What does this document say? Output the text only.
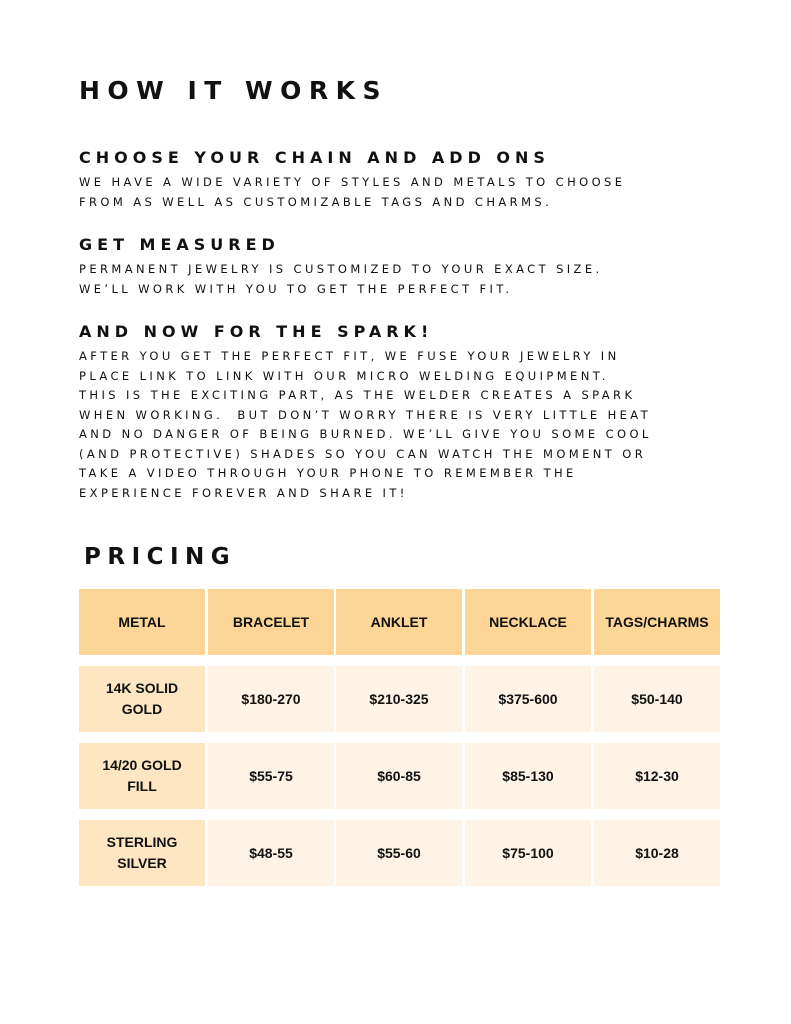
HOW IT WORKS
CHOOSE YOUR CHAIN AND ADD ONS

WE HAVE A WIDE VARIETY OF STYLES AND METALS TO CHOOSE
FROM AS WELL AS CUSTOMIZABLE TAGS AND CHARMS.

GET MEASURED

PERMANENT JEWELRY IS CUSTOMIZED TO YOUR EXACT SIZE.
WE’LL WORK WITH YOU TO GET THE PERFECT FIT.

AND NOW FOR THE SPARK!

AFTER YOU GET THE PERFECT FIT, WE FUSE YOUR JEWELRY IN
PLACE LINK TO LINK WITH OUR MICRO WELDING EQUIPMENT.
THIS IS THE EXCITING PART, AS THE WELDER CREATES A SPARK
WHEN WORKING.  BUT DON’T WORRY THERE IS VERY LITTLE HEAT
AND NO DANGER OF BEING BURNED. WE’LL GIVE YOU SOME COOL
(AND PROTECTIVE) SHADES SO YOU CAN WATCH THE MOMENT OR
TAKE A VIDEO THROUGH YOUR PHONE TO REMEMBER THE
EXPERIENCE FOREVER AND SHARE IT!

PRICING
METAL	BRACELET	ANKLET	NECKLACE	TAGS/CHARMS
14K SOLID
GOLD
$180-270	$210-325	$375-600	$50-140
14/20 GOLD
FILL
$55-75	$60-85	$85-130	$12-30
STERLING
SILVER
$48-55	$55-60	$75-100	$10-28
